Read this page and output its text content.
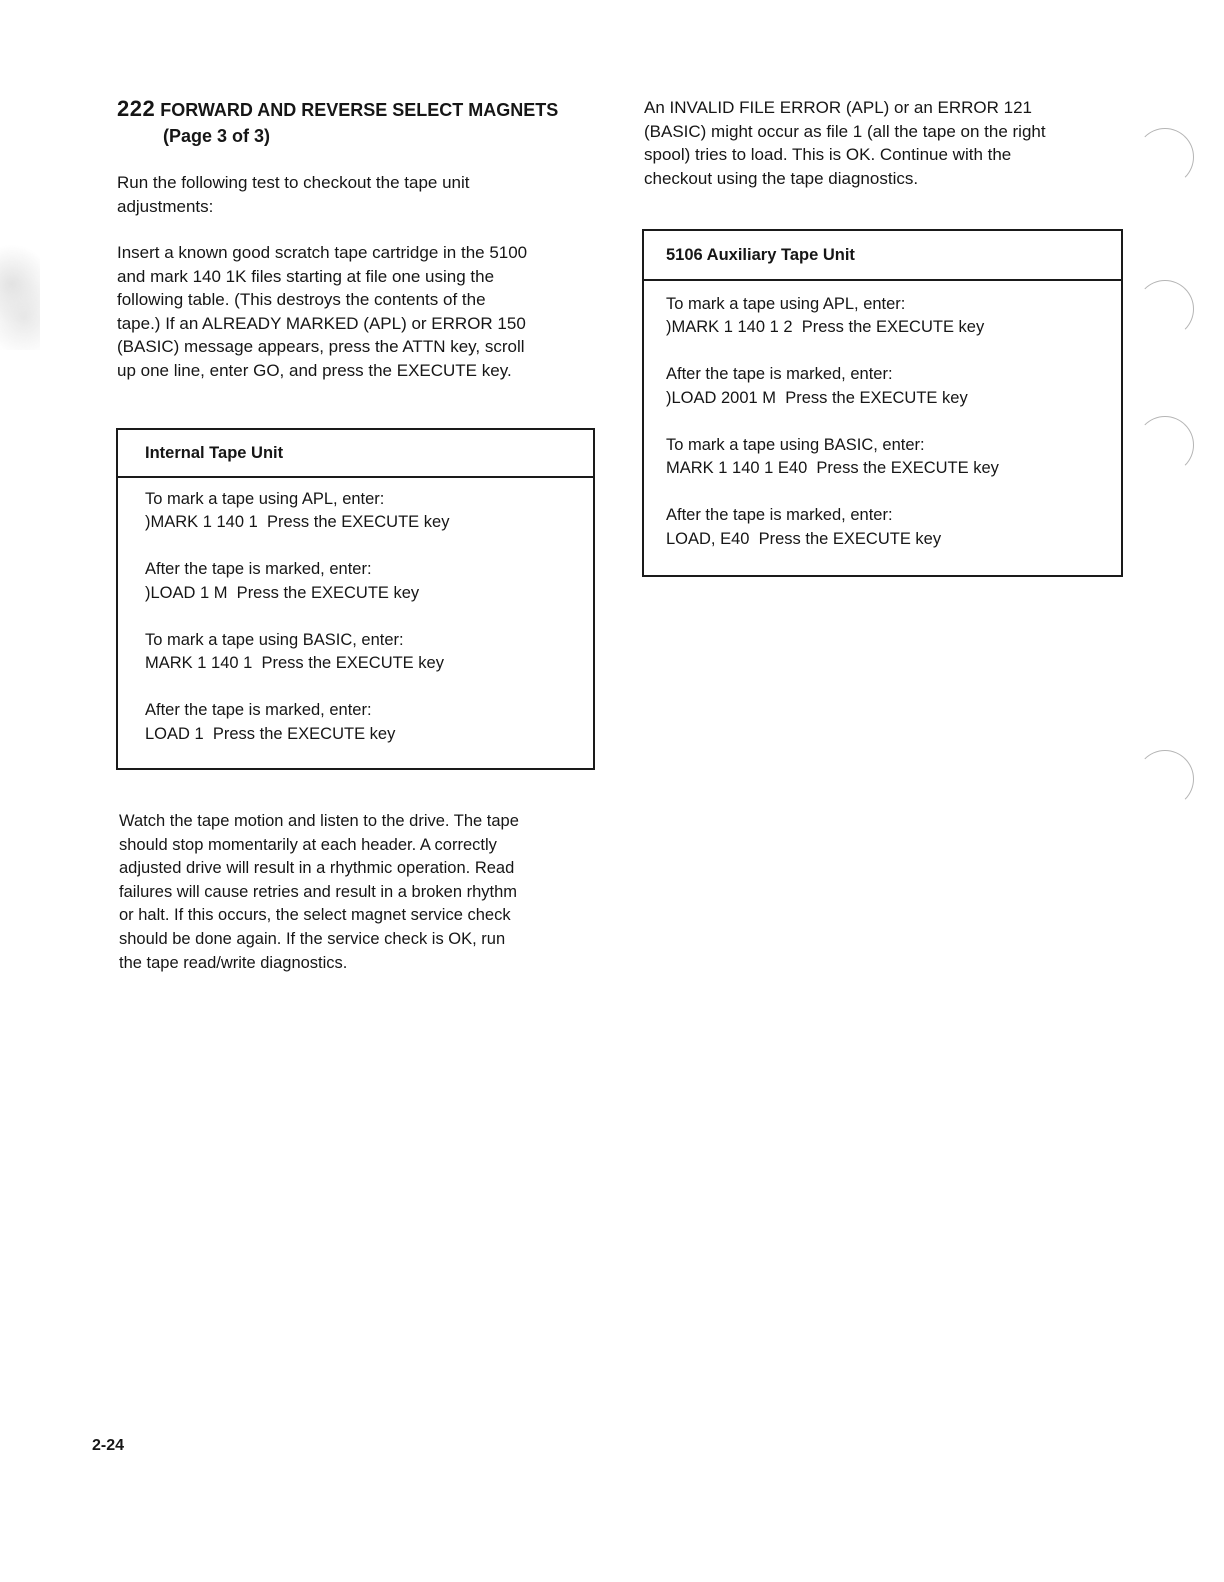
222 FORWARD AND REVERSE SELECT MAGNETS
(Page 3 of 3)

Run the following test to checkout the tape unit
adjustments:

Insert a known good scratch tape cartridge in the 5100
and mark 140 1K files starting at file one using the
following table. (This destroys the contents of the
tape.) If an ALREADY MARKED (APL) or ERROR 150
(BASIC) message appears, press the ATTN key, scroll
up one line, enter GO, and press the EXECUTE key.

Internal Tape Unit
To mark a tape using APL, enter:
)MARK 1 140 1  Press the EXECUTE key
After the tape is marked, enter:
)LOAD 1 M  Press the EXECUTE key
To mark a tape using BASIC, enter:
MARK 1 140 1  Press the EXECUTE key
After the tape is marked, enter:
LOAD 1  Press the EXECUTE key

Watch the tape motion and listen to the drive. The tape
should stop momentarily at each header. A correctly
adjusted drive will result in a rhythmic operation. Read
failures will cause retries and result in a broken rhythm
or halt. If this occurs, the select magnet service check
should be done again. If the service check is OK, run
the tape read/write diagnostics.

An INVALID FILE ERROR (APL) or an ERROR 121
(BASIC) might occur as file 1 (all the tape on the right
spool) tries to load. This is OK. Continue with the
checkout using the tape diagnostics.

5106 Auxiliary Tape Unit
To mark a tape using APL, enter:
)MARK 1 140 1 2  Press the EXECUTE key
After the tape is marked, enter:
)LOAD 2001 M  Press the EXECUTE key
To mark a tape using BASIC, enter:
MARK 1 140 1 E40  Press the EXECUTE key
After the tape is marked, enter:
LOAD, E40  Press the EXECUTE key
2-24
